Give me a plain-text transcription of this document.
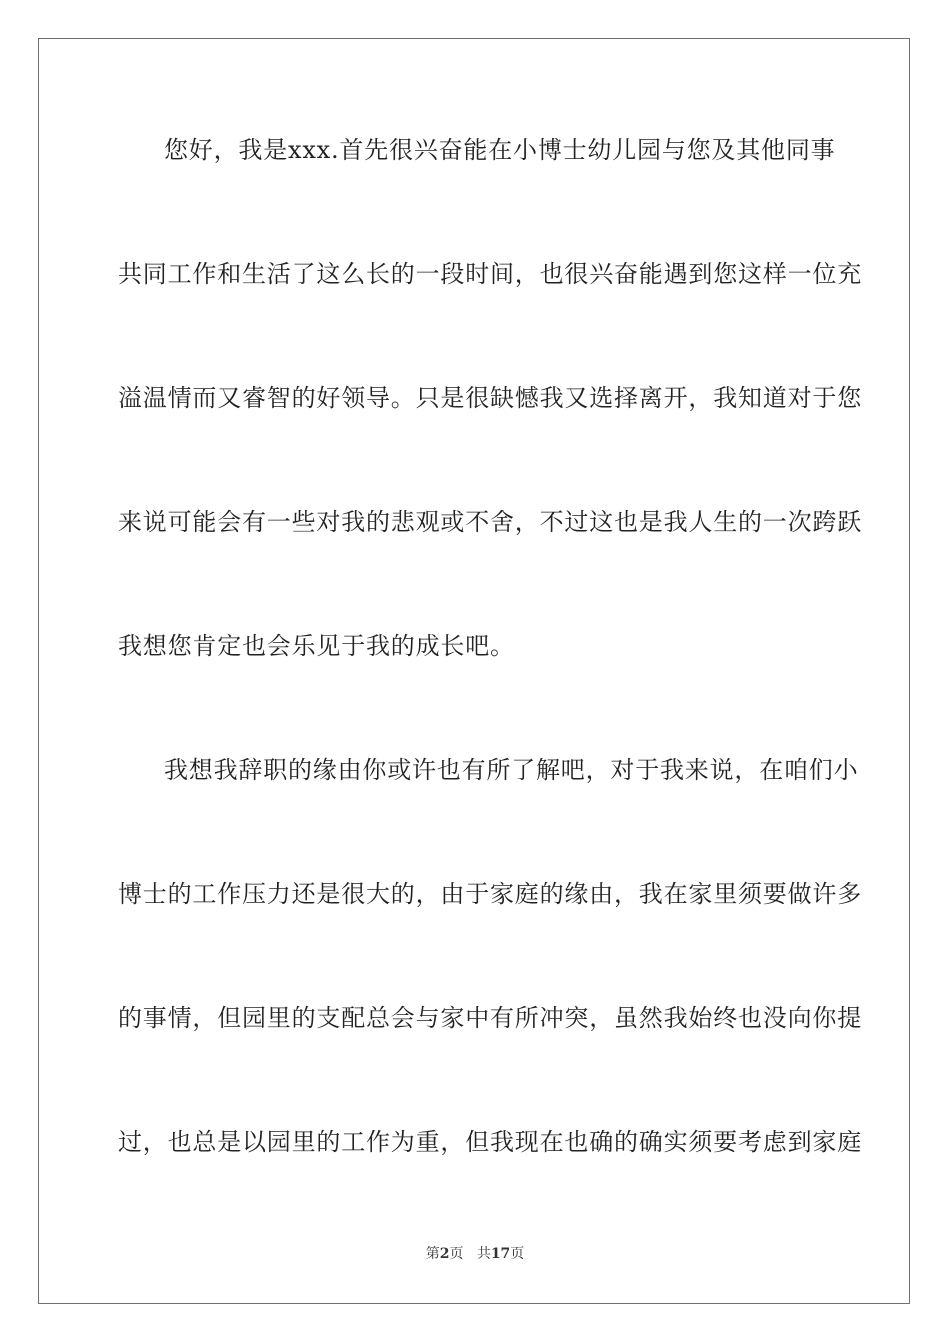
您好，我是xxx.首先很兴奋能在小博士幼儿园与您及其他同事
共同工作和生活了这么长的一段时间，也很兴奋能遇到您这样一位充
溢温情而又睿智的好领导。只是很缺憾我又选择离开，我知道对于您
来说可能会有一些对我的悲观或不舍，不过这也是我人生的一次跨跃
我想您肯定也会乐见于我的成长吧。
我想我辞职的缘由你或许也有所了解吧，对于我来说，在咱们小
博士的工作压力还是很大的，由于家庭的缘由，我在家里须要做许多
的事情，但园里的支配总会与家中有所冲突，虽然我始终也没向你提
过，也总是以园里的工作为重，但我现在也确的确实须要考虑到家庭
第2页 共17页
